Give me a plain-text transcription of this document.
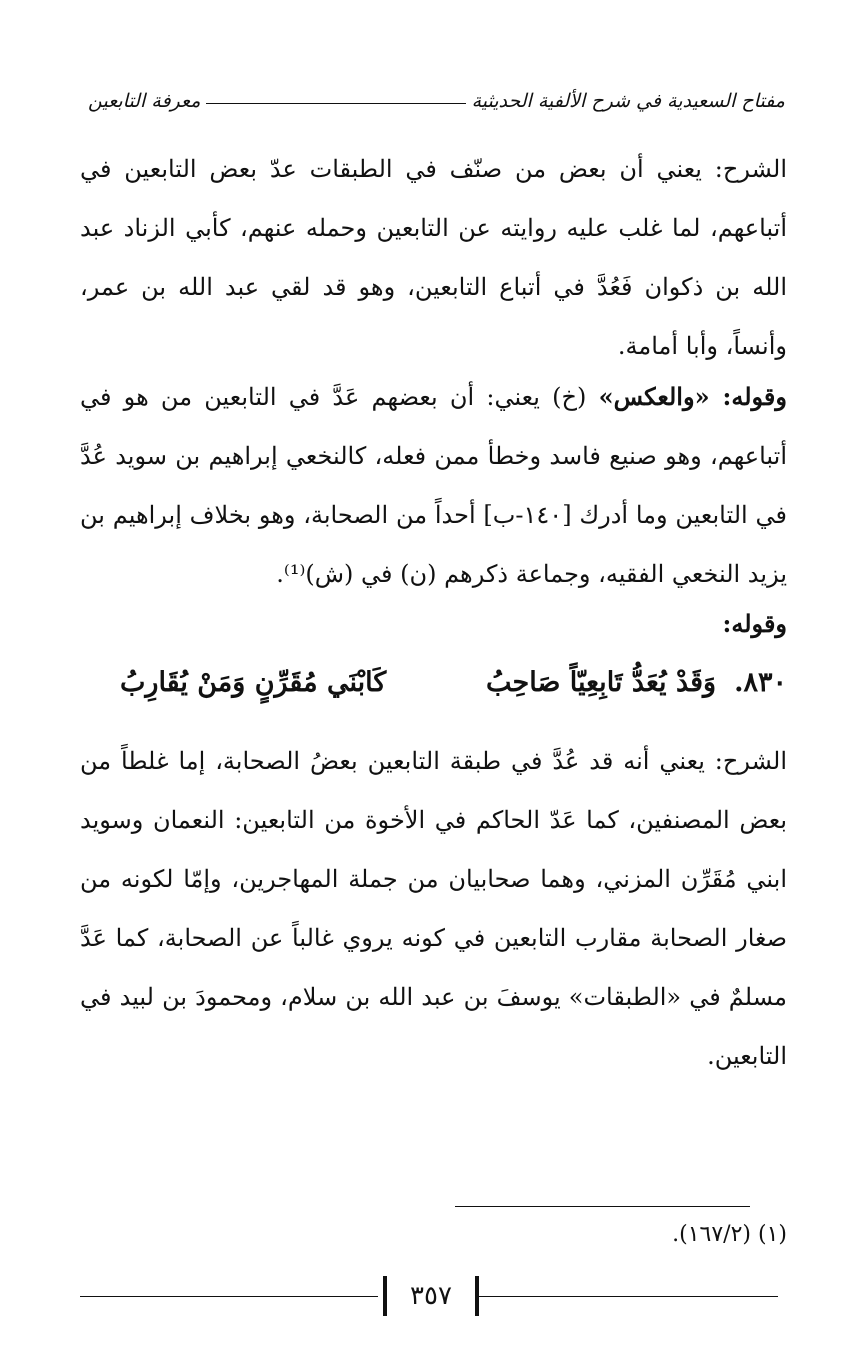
مفتاح السعيدية في شرح الألفية الحديثية
معرفة التابعين
الشرح: يعني أن بعض من صنّف في الطبقات عدّ بعض التابعين في أتباعهم، لما غلب عليه روايته عن التابعين وحمله عنهم، كأبي الزناد عبد الله بن ذكوان فَعُدَّ في أتباع التابعين، وهو قد لقي عبد الله بن عمر، وأنساً، وأبا أمامة.
وقوله: «والعكس» (خ) يعني: أن بعضهم عَدَّ في التابعين من هو في أتباعهم، وهو صنيع فاسد وخطأ ممن فعله، كالنخعي إبراهيم بن سويد عُدَّ في التابعين وما أدرك [١٤٠-ب] أحداً من الصحابة، وهو بخلاف إبراهيم بن يزيد النخعي الفقيه، وجماعة ذكرهم (ن) في (ش)⁽¹⁾.
وقوله:
٨٣٠.
وَقَدْ يُعَدُّ تَابِعِيّاً صَاحِبُ
كَابْنَي مُقَرِّنٍ وَمَنْ يُقَارِبُ
الشرح: يعني أنه قد عُدَّ في طبقة التابعين بعضُ الصحابة، إما غلطاً من بعض المصنفين، كما عَدّ الحاكم في الأخوة من التابعين: النعمان وسويد ابني مُقَرِّن المزني، وهما صحابيان من جملة المهاجرين، وإمّا لكونه من صغار الصحابة مقارب التابعين في كونه يروي غالباً عن الصحابة، كما عَدَّ مسلمٌ في «الطبقات» يوسفَ بن عبد الله بن سلام، ومحمودَ بن لبيد في التابعين.
(١) (١٦٧/٢).
٣٥٧
